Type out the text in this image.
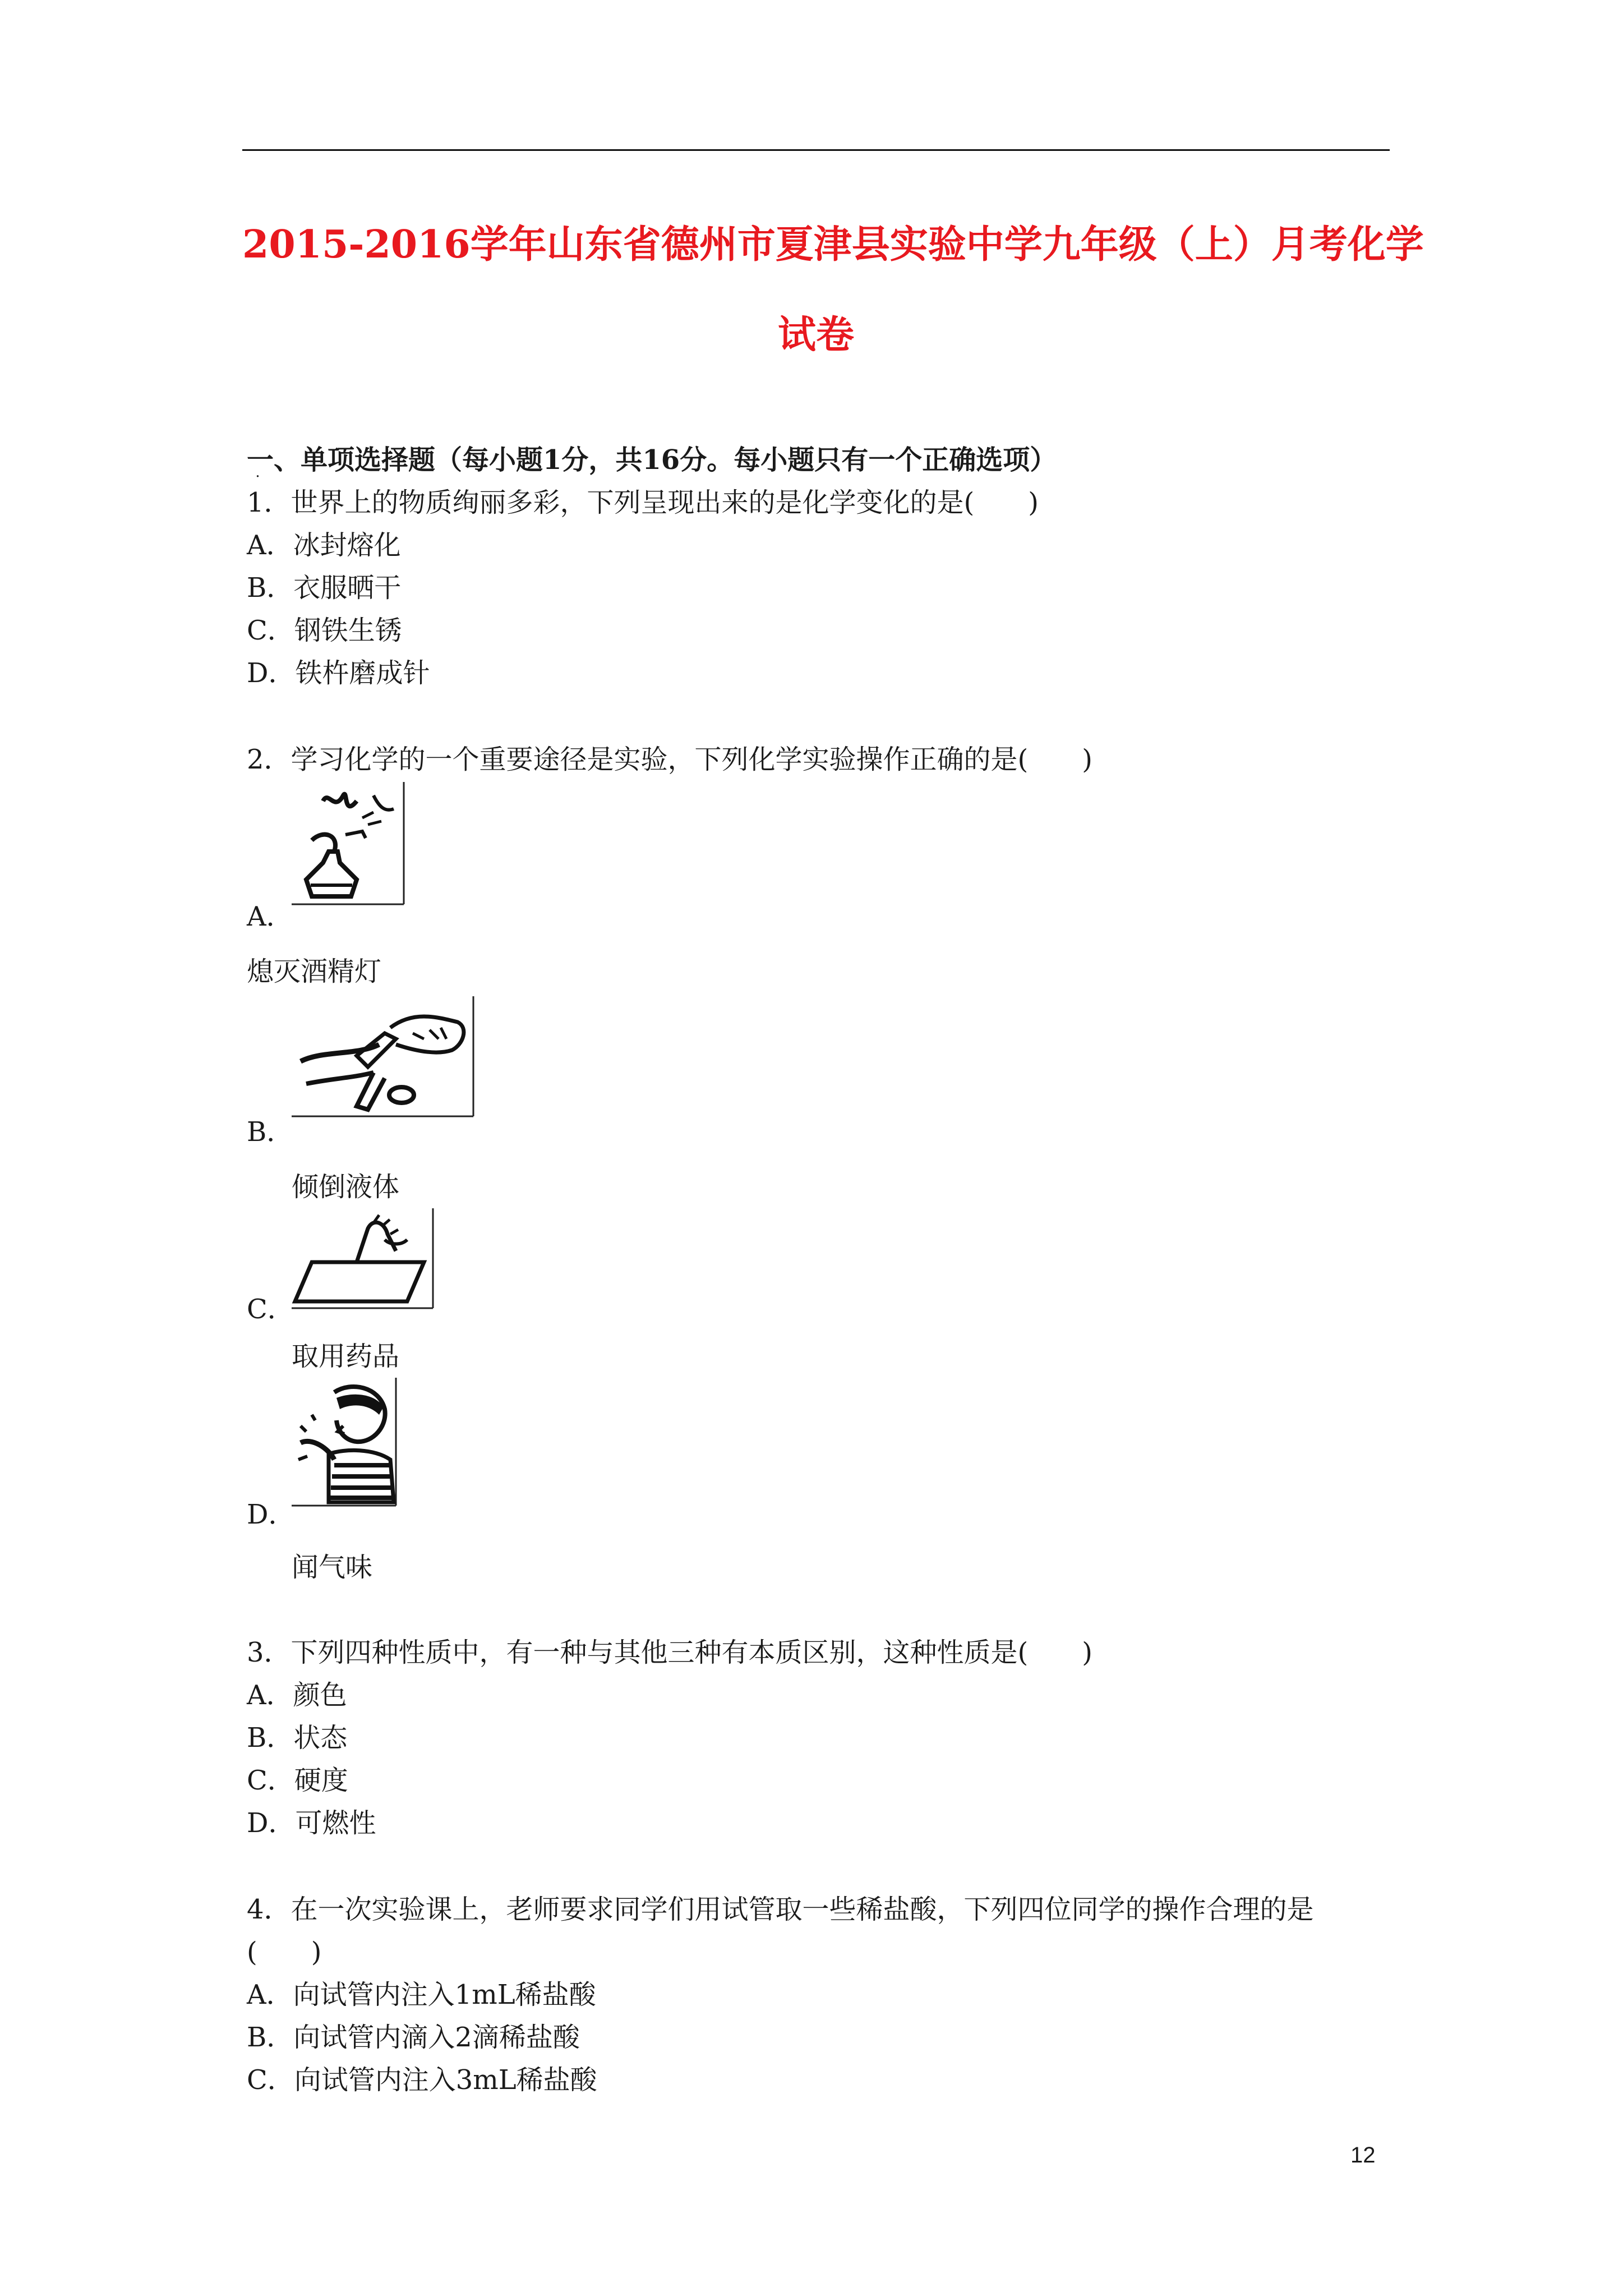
2015-2016学年山东省德州市夏津县实验中学九年级（上）月考化学
试卷
一、单项选择题（每小题1分，共16分。每小题只有一个正确选项）
˙
1．世界上的物质绚丽多彩，下列呈现出来的是化学变化的是(　　)
A．冰封熔化
B．衣服晒干
C．钢铁生锈
D．铁杵磨成针
2．学习化学的一个重要途径是实验，下列化学实验操作正确的是(　　)
A．
熄灭酒精灯
B．
倾倒液体
C．
取用药品
D．
闻气味
3．下列四种性质中，有一种与其他三种有本质区别，这种性质是(　　)
A．颜色
B．状态
C．硬度
D．可燃性
4．在一次实验课上，老师要求同学们用试管取一些稀盐酸，下列四位同学的操作合理的是
(　　)
A．向试管内注入1mL稀盐酸
B．向试管内滴入2滴稀盐酸
C．向试管内注入3mL稀盐酸
12
